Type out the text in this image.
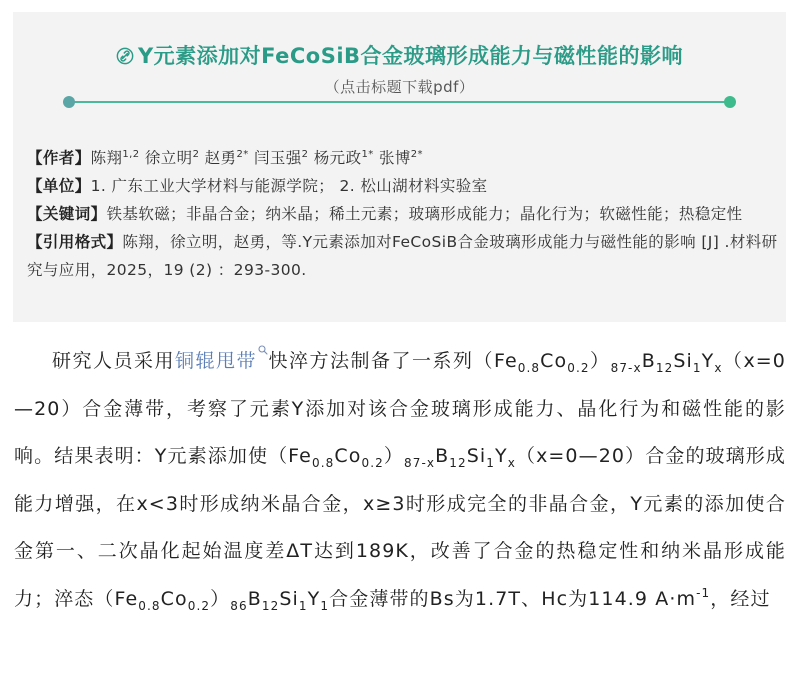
Y元素添加对FeCoSiB合金玻璃形成能力与磁性能的影响
（点击标题下载pdf）

【作者】陈翔$^{1,2}$ 徐立明$^2$ 赵勇$^{2*}$ 闫玉强$^2$ 杨元政$^{1*}$ 张博$^{2*}$

【单位】1. 广东工业大学材料与能源学院； 2. 松山湖材料实验室

【关键词】铁基软磁；非晶合金；纳米晶；稀土元素；玻璃形成能力；晶化行为；软磁性能；热稳定性

【引用格式】陈翔，徐立明，赵勇，等.Y元素添加对FeCoSiB合金玻璃形成能力与磁性能的影响 [J] .材料研究与应用，2025，19 (2) ：293-300.

研究人员采用铜辊甩带 快淬方法制备了一系列$(Fe_{0.8}Co_{0.2})_{87-x}B_{12}Si_1Y_x(x=0—20)$合金薄带，考察了元素Y添加对该合金玻璃形成能力、晶化行为和磁性能的影响。结果表明：Y元素添加使$(Fe_{0.8}Co_{0.2})_{87-x}B_{12}Si_1Y_x(x=0—20)$合金的玻璃形成能力增强，在x<3时形成纳米晶合金，x≥3时形成完全的非晶合金，Y元素的添加使合金第一、二次晶化起始温度差ΔT达到189K，改善了合金的热稳定性和纳米晶形成能力；淬态$(Fe_{0.8}Co_{0.2})_{86}B_{12}Si_1Y_1$合金薄带的Bs为1.7T、Hc为114.9 $A\cdot m^{-1}$，经过
